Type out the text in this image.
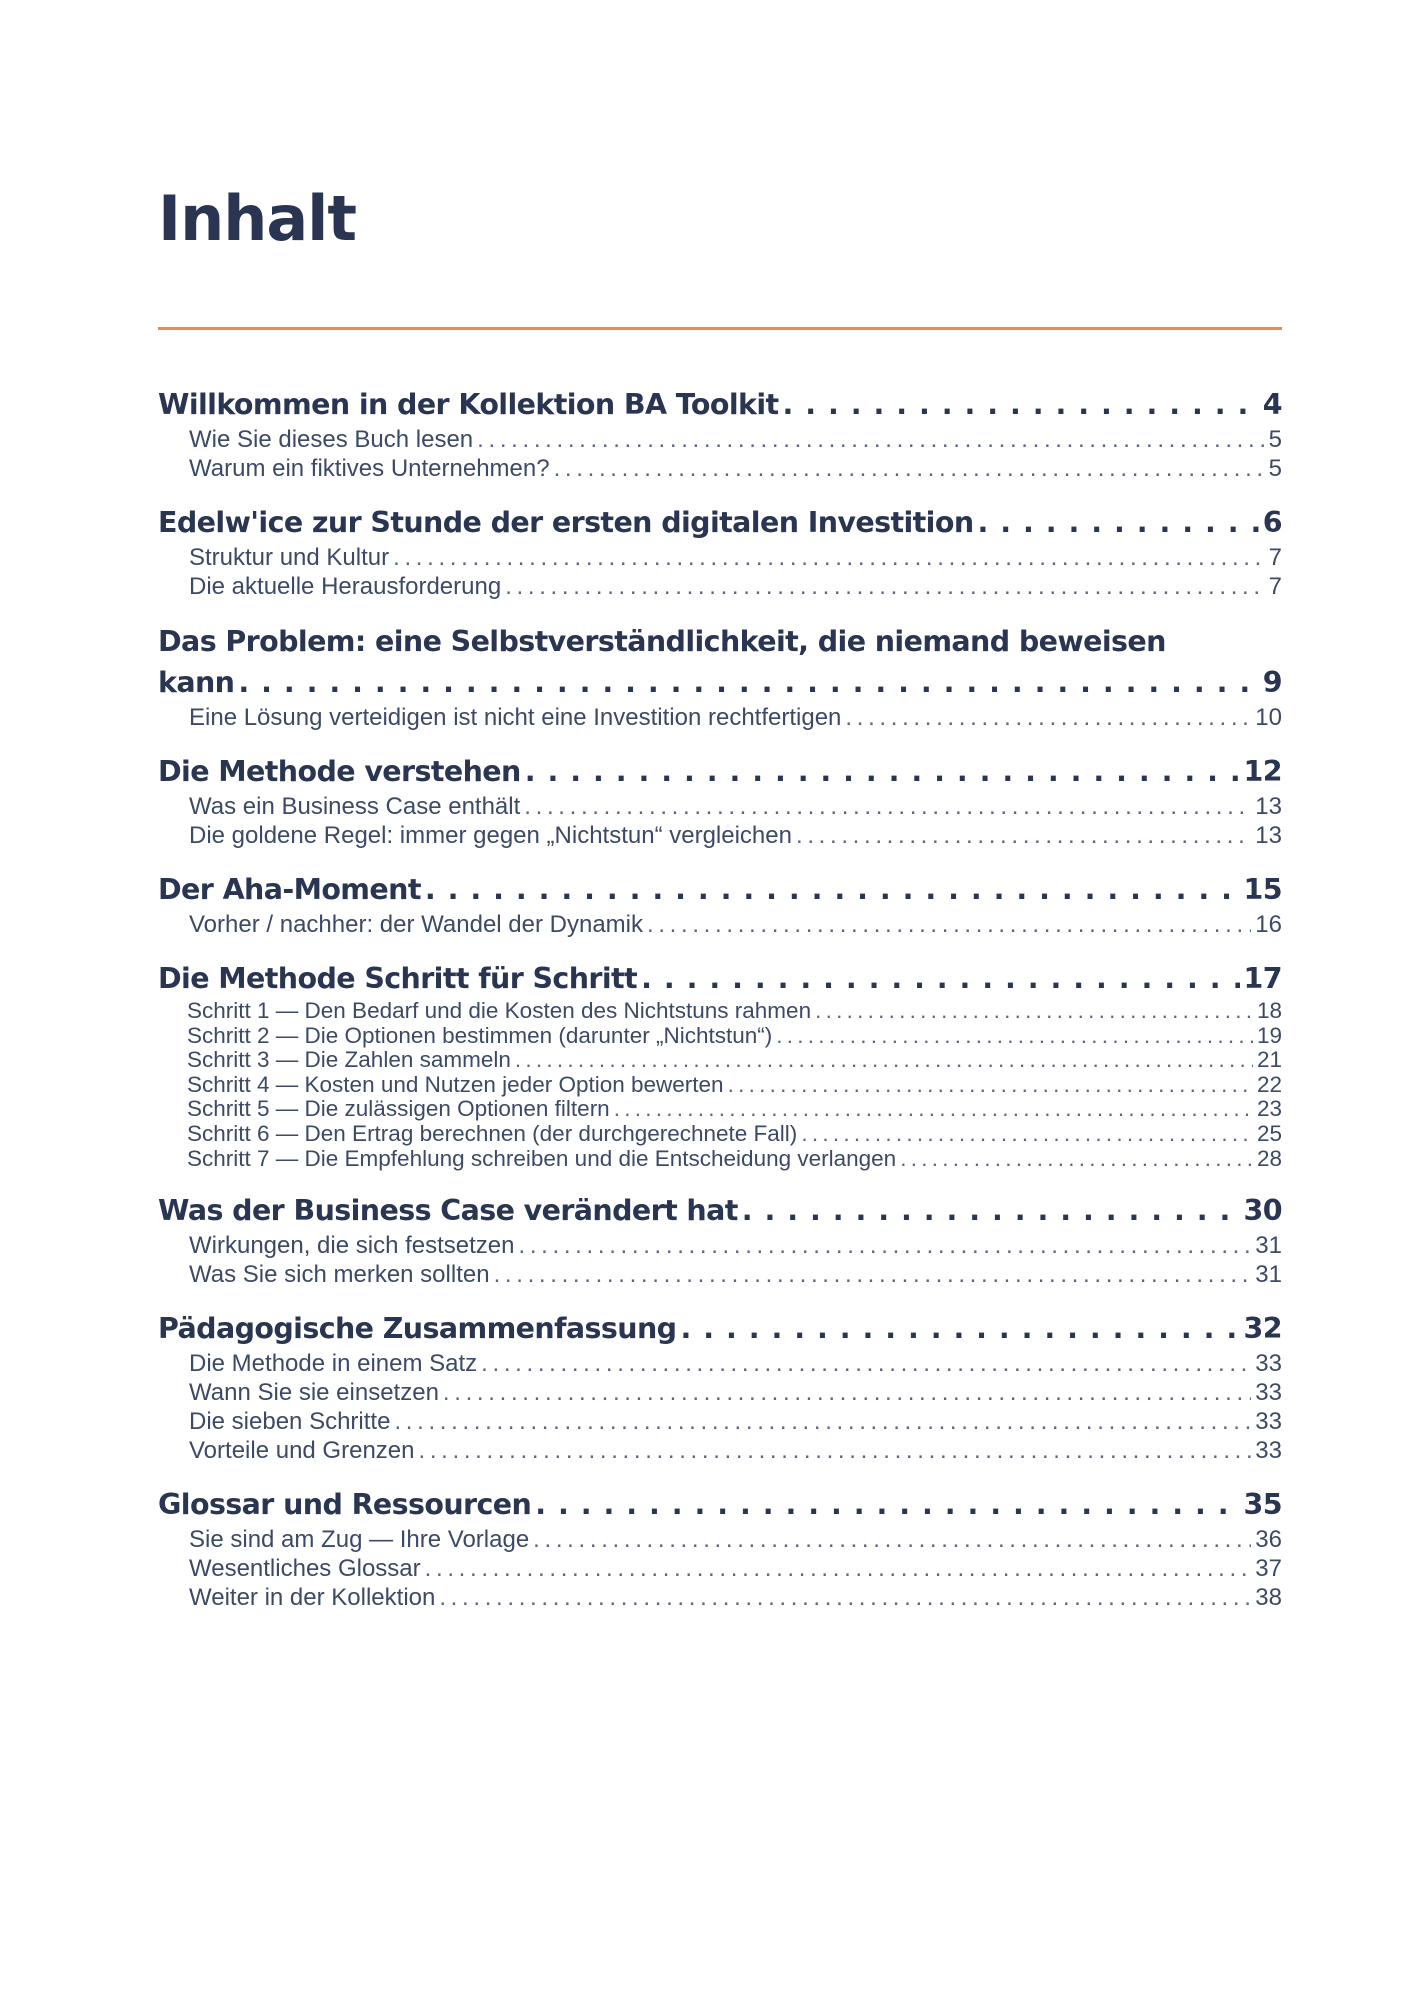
Inhalt
Willkommen in der Kollektion BA Toolkit . . .	4
Wie Sie dieses Buch lesen . . .	5
Warum ein fiktives Unternehmen? . . .	5
Edelw'ice zur Stunde der ersten digitalen Investition . . .	6
Struktur und Kultur . . .	7
Die aktuelle Herausforderung . . .	7
Das Problem: eine Selbstverständlichkeit, die niemand beweisen
kann . . .	9
Eine Lösung verteidigen ist nicht eine Investition rechtfertigen . . .	10
Die Methode verstehen . . .	12
Was ein Business Case enthält . . .	13
Die goldene Regel: immer gegen „Nichtstun“ vergleichen . . .	13
Der Aha-Moment . . .	15
Vorher / nachher: der Wandel der Dynamik . . .	16
Die Methode Schritt für Schritt . . .	17
Schritt 1 — Den Bedarf und die Kosten des Nichtstuns rahmen . . .	18
Schritt 2 — Die Optionen bestimmen (darunter „Nichtstun“) . . .	19
Schritt 3 — Die Zahlen sammeln . . .	21
Schritt 4 — Kosten und Nutzen jeder Option bewerten . . .	22
Schritt 5 — Die zulässigen Optionen filtern . . .	23
Schritt 6 — Den Ertrag berechnen (der durchgerechnete Fall) . . .	25
Schritt 7 — Die Empfehlung schreiben und die Entscheidung verlangen . . .	28
Was der Business Case verändert hat . . .	30
Wirkungen, die sich festsetzen . . .	31
Was Sie sich merken sollten . . .	31
Pädagogische Zusammenfassung . . .	32
Die Methode in einem Satz . . .	33
Wann Sie sie einsetzen . . .	33
Die sieben Schritte . . .	33
Vorteile und Grenzen . . .	33
Glossar und Ressourcen . . .	35
Sie sind am Zug — Ihre Vorlage . . .	36
Wesentliches Glossar . . .	37
Weiter in der Kollektion . . .	38
